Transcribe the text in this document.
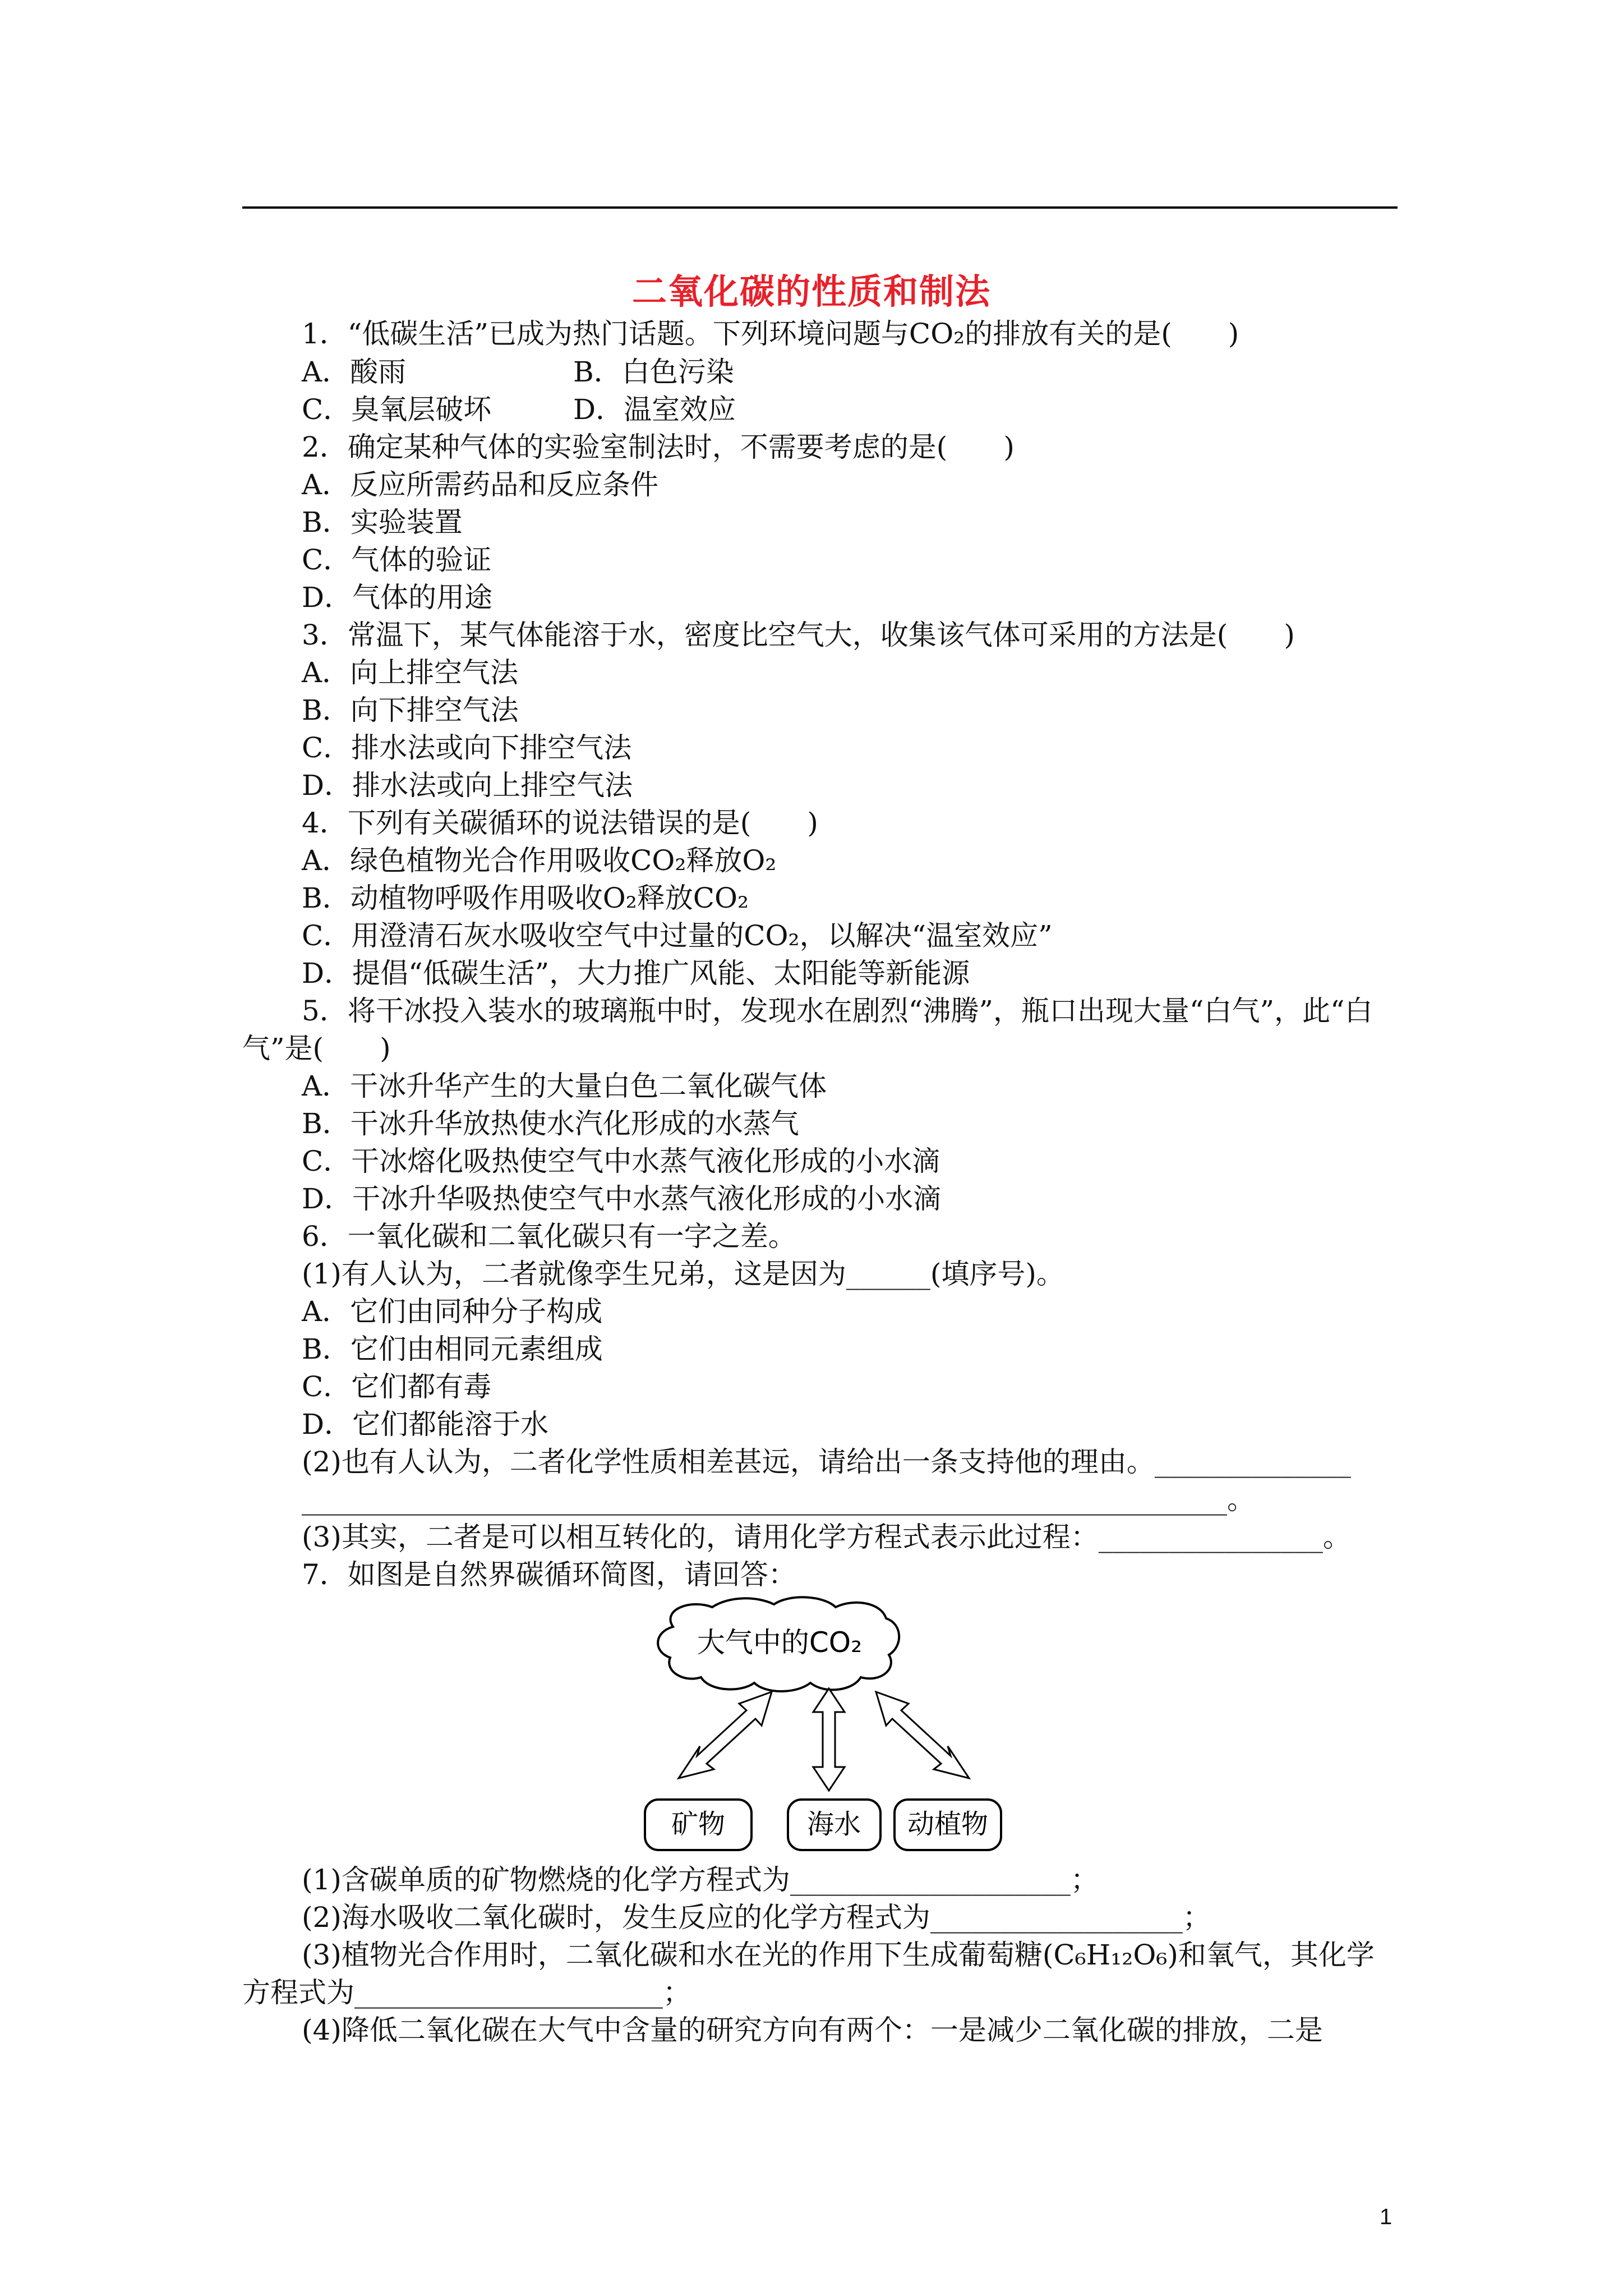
二氧化碳的性质和制法
1．“低碳生活”已成为热门话题。下列环境问题与CO₂的排放有关的是(　　)
A．酸雨	B．白色污染
C．臭氧层破坏	D．温室效应
2．确定某种气体的实验室制法时，不需要考虑的是(　　)
A．反应所需药品和反应条件
B．实验装置
C．气体的验证
D．气体的用途
3．常温下，某气体能溶于水，密度比空气大，收集该气体可采用的方法是(　　)
A．向上排空气法
B．向下排空气法
C．排水法或向下排空气法
D．排水法或向上排空气法
4．下列有关碳循环的说法错误的是(　　)
A．绿色植物光合作用吸收CO₂释放O₂
B．动植物呼吸作用吸收O₂释放CO₂
C．用澄清石灰水吸收空气中过量的CO₂，以解决“温室效应”
D．提倡“低碳生活”，大力推广风能、太阳能等新能源
5．将干冰投入装水的玻璃瓶中时，发现水在剧烈“沸腾”，瓶口出现大量“白气”，此“白
气”是(　　)
A．干冰升华产生的大量白色二氧化碳气体
B．干冰升华放热使水汽化形成的水蒸气
C．干冰熔化吸热使空气中水蒸气液化形成的小水滴
D．干冰升华吸热使空气中水蒸气液化形成的小水滴
6．一氧化碳和二氧化碳只有一字之差。
(1)有人认为，二者就像孪生兄弟，这是因为______(填序号)。
A．它们由同种分子构成
B．它们由相同元素组成
C．它们都有毒
D．它们都能溶于水
(2)也有人认为，二者化学性质相差甚远，请给出一条支持他的理由。______________
__________________________________________________________________。
(3)其实，二者是可以相互转化的，请用化学方程式表示此过程：________________。
7．如图是自然界碳循环简图，请回答：
大气中的CO₂
矿物	海水 动植物
(1)含碳单质的矿物燃烧的化学方程式为____________________；
(2)海水吸收二氧化碳时，发生反应的化学方程式为__________________；
(3)植物光合作用时，二氧化碳和水在光的作用下生成葡萄糖(C₆H₁₂O₆)和氧气，其化学
方程式为______________________；
(4)降低二氧化碳在大气中含量的研究方向有两个：一是减少二氧化碳的排放，二是
1
